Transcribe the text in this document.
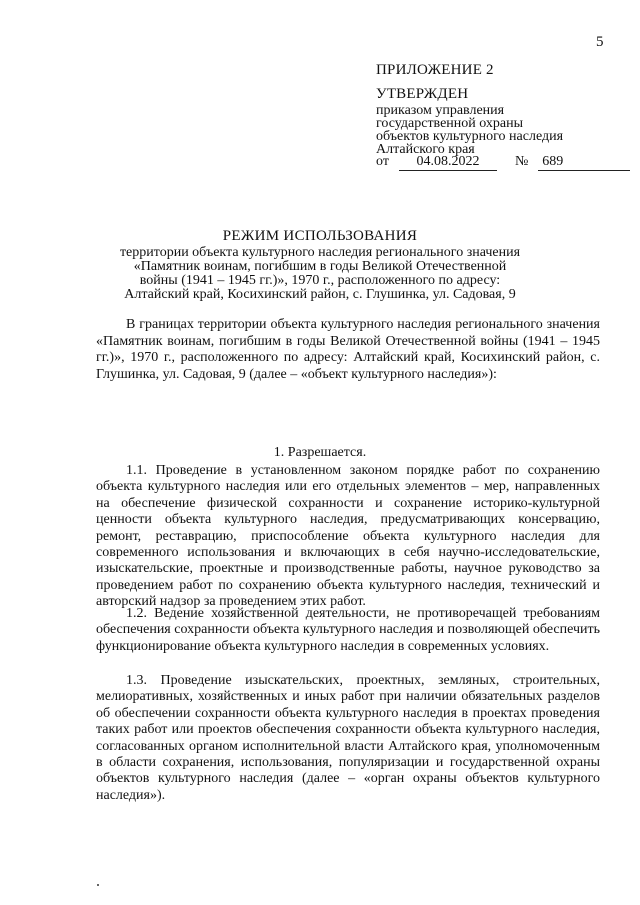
5
ПРИЛОЖЕНИЕ 2
УТВЕРЖДЕН
приказом управления
государственной охраны
объектов культурного наследия
Алтайского края
от 04.08.2022	№ 689
РЕЖИМ ИСПОЛЬЗОВАНИЯ
территории объекта культурного наследия регионального значения
«Памятник воинам, погибшим в годы Великой Отечественной
войны (1941 – 1945 гг.)», 1970 г., расположенного по адресу:
Алтайский край, Косихинский район, с. Глушинка, ул. Садовая, 9

В границах территории объекта культурного наследия регионального значения «Памятник воинам, погибшим в годы Великой Отечественной войны (1941 – 1945 гг.)», 1970 г., расположенного по адресу: Алтайский край, Косихинский район, с. Глушинка, ул. Садовая, 9 (далее – «объект культурного наследия»):

1. Разрешается.

1.1. Проведение в установленном законом порядке работ по сохранению объекта культурного наследия или его отдельных элементов – мер, направленных на обеспечение физической сохранности и сохранение историко-культурной ценности объекта культурного наследия, предусматривающих консервацию, ремонт, реставрацию, приспособление объекта культурного наследия для современного использования и включающих в себя научно-исследовательские, изыскательские, проектные и производственные работы, научное руководство за проведением работ по сохранению объекта культурного наследия, технический и авторский надзор за проведением этих работ.

1.2. Ведение хозяйственной деятельности, не противоречащей требованиям обеспечения сохранности объекта культурного наследия и позволяющей обеспечить функционирование объекта культурного наследия в современных условиях.

1.3. Проведение изыскательских, проектных, земляных, строительных, мелиоративных, хозяйственных и иных работ при наличии обязательных разделов об обеспечении сохранности объекта культурного наследия в проектах проведения таких работ или проектов обеспечения сохранности объекта культурного наследия, согласованных органом исполнительной власти Алтайского края, уполномоченным в области сохранения, использования, популяризации и государственной охраны объектов культурного наследия (далее – «орган охраны объектов культурного наследия»).
